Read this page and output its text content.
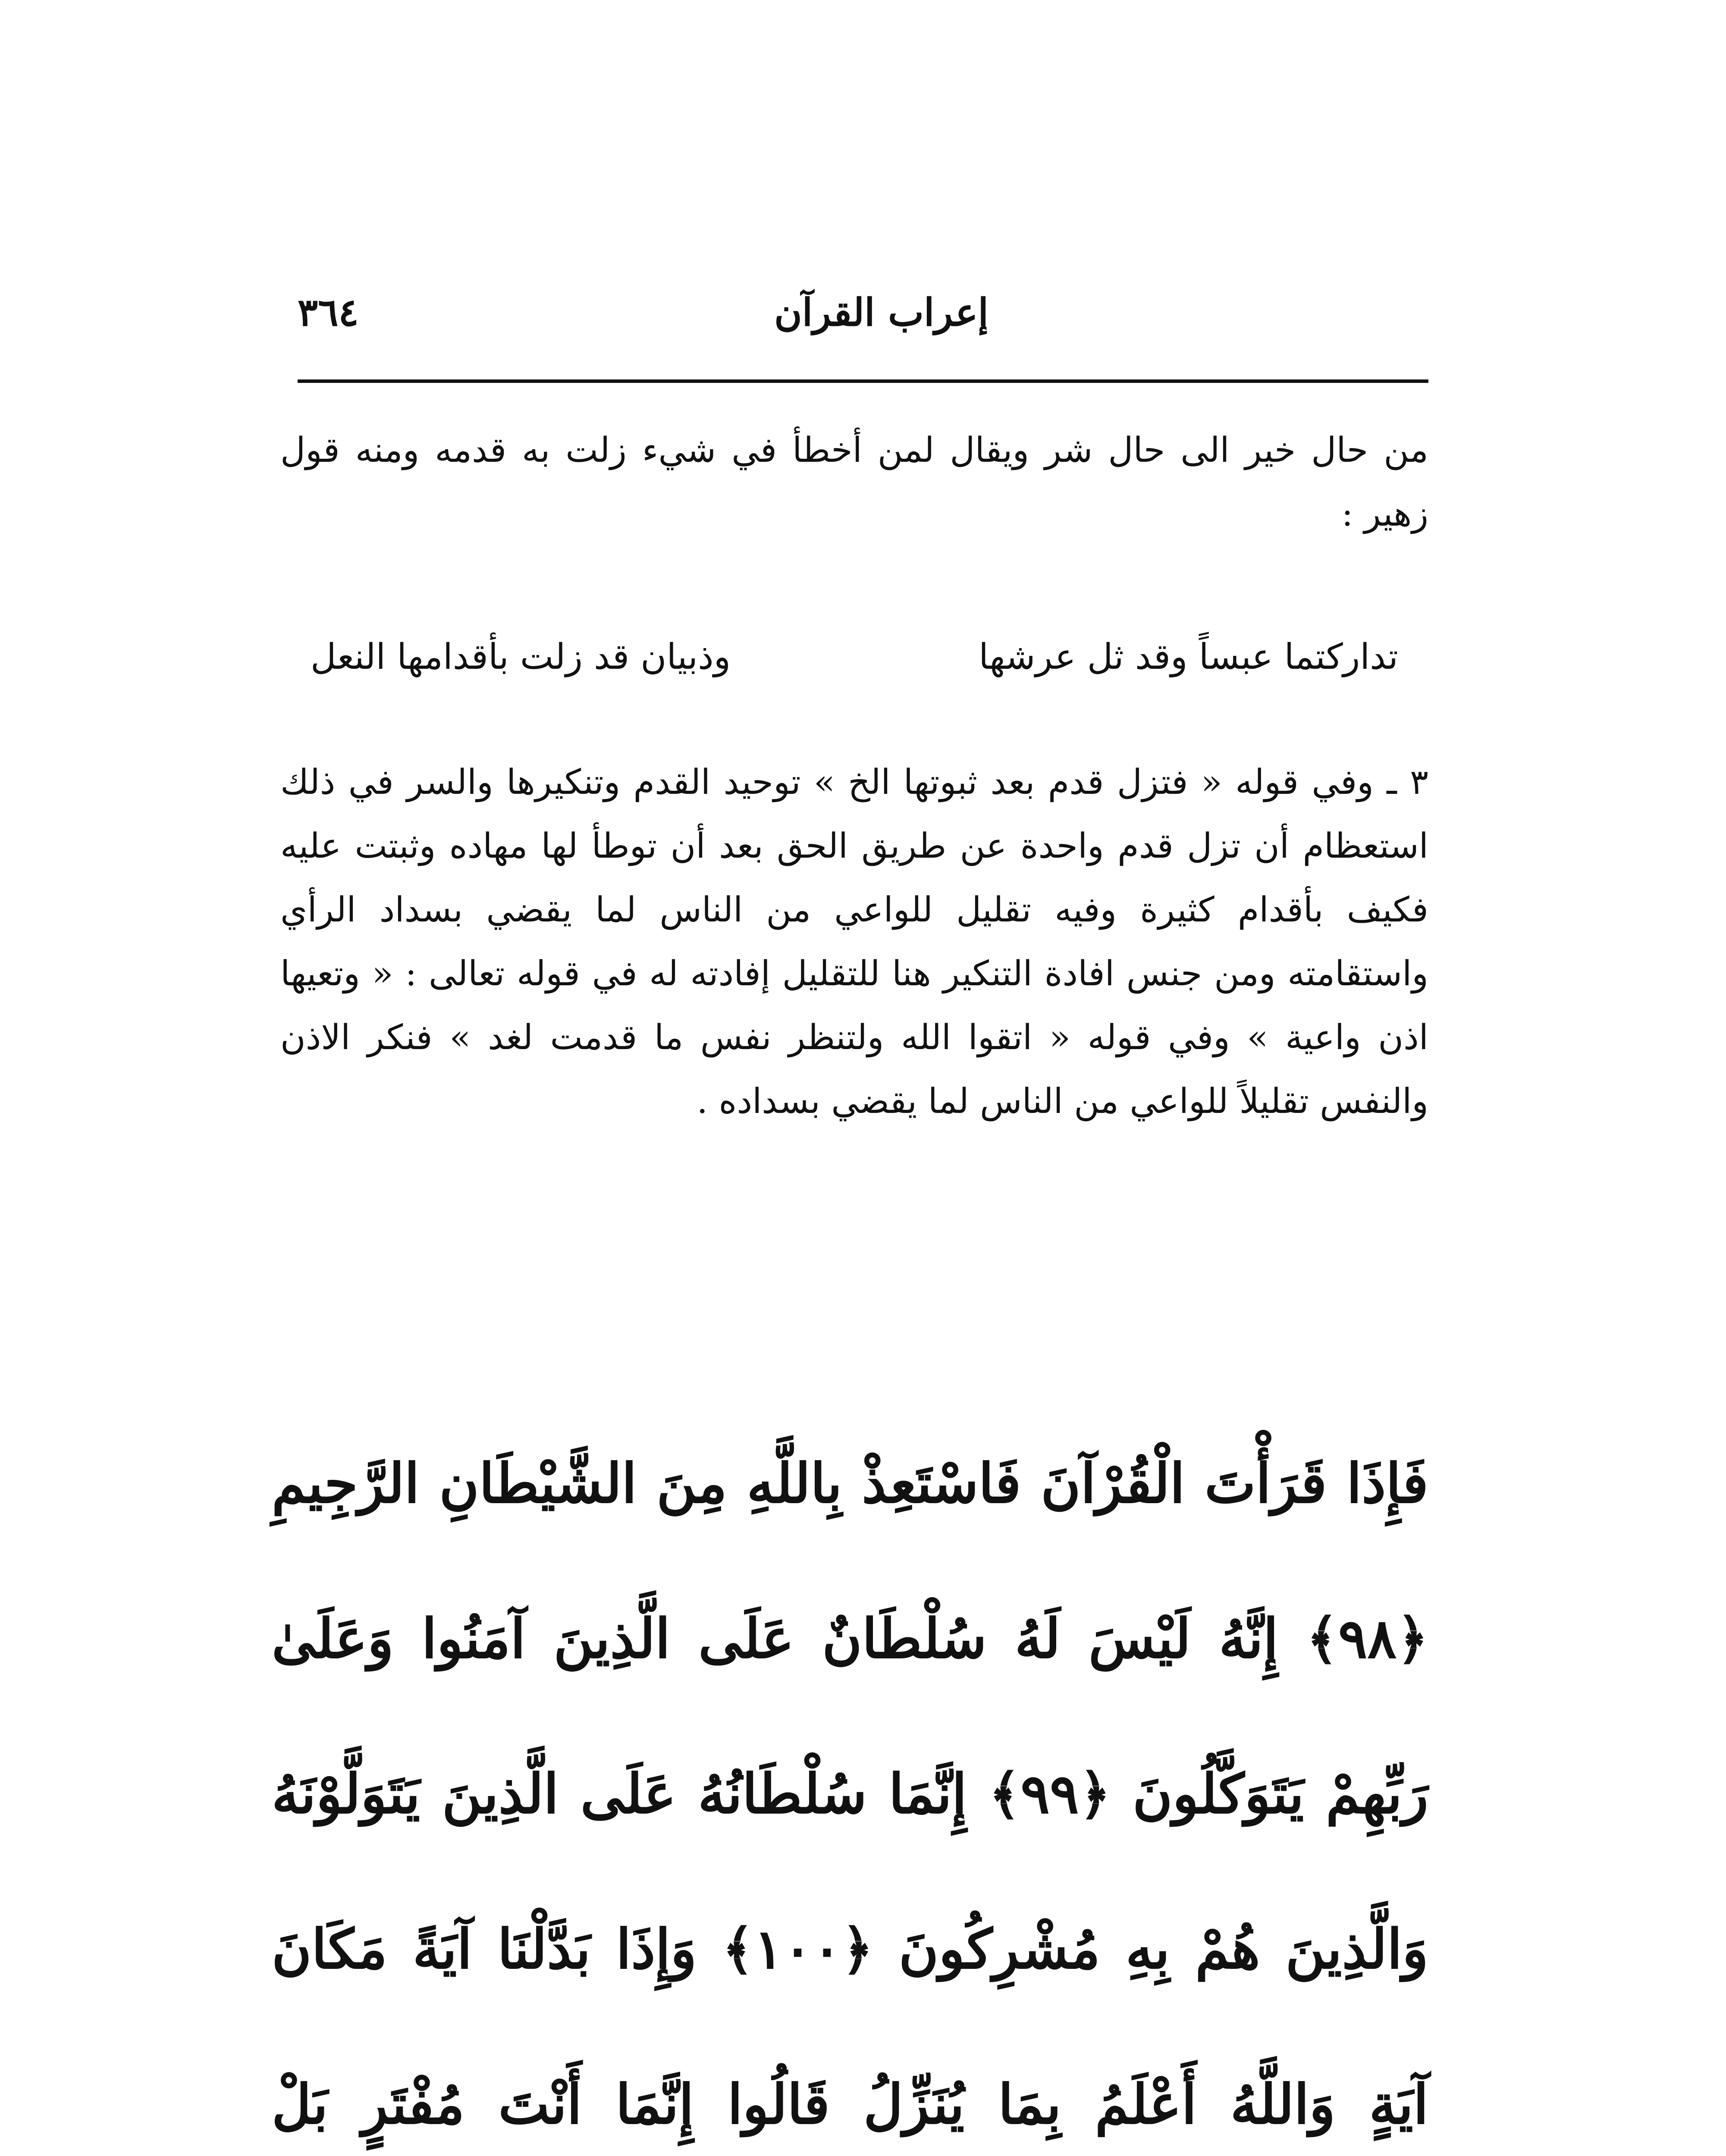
إعراب القرآن
٣٦٤
من حال خير الى حال شر ويقال لمن أخطأ في شيء زلت به قدمه ومنه قول زهير :
تداركتما عبساً وقد ثل عرشها
وذبيان قد زلت بأقدامها النعل
٣ ـ وفي قوله « فتزل قدم بعد ثبوتها الخ » توحيد القدم وتنكيرها والسر في ذلك استعظام أن تزل قدم واحدة عن طريق الحق بعد أن توطأ لها مهاده وثبتت عليه فكيف بأقدام كثيرة وفيه تقليل للواعي من الناس لما يقضي بسداد الرأي واستقامته ومن جنس افادة التنكير هنا للتقليل إفادته له في قوله تعالى : « وتعيها اذن واعية » وفي قوله « اتقوا الله ولتنظر نفس ما قدمت لغد » فنكر الاذن والنفس تقليلاً للواعي من الناس لما يقضي بسداده .
فَإِذَا قَرَأْتَ الْقُرْآنَ فَاسْتَعِذْ بِاللَّهِ مِنَ الشَّيْطَانِ الرَّجِيمِ ﴿٩٨﴾ إِنَّهُ لَيْسَ لَهُ سُلْطَانٌ عَلَى الَّذِينَ آمَنُوا وَعَلَىٰ رَبِّهِمْ يَتَوَكَّلُونَ ﴿٩٩﴾ إِنَّمَا سُلْطَانُهُ عَلَى الَّذِينَ يَتَوَلَّوْنَهُ وَالَّذِينَ هُمْ بِهِ مُشْرِكُونَ ﴿١٠٠﴾ وَإِذَا بَدَّلْنَا آيَةً مَكَانَ آيَةٍ وَاللَّهُ أَعْلَمُ بِمَا يُنَزِّلُ قَالُوا إِنَّمَا أَنْتَ مُفْتَرٍ بَلْ
